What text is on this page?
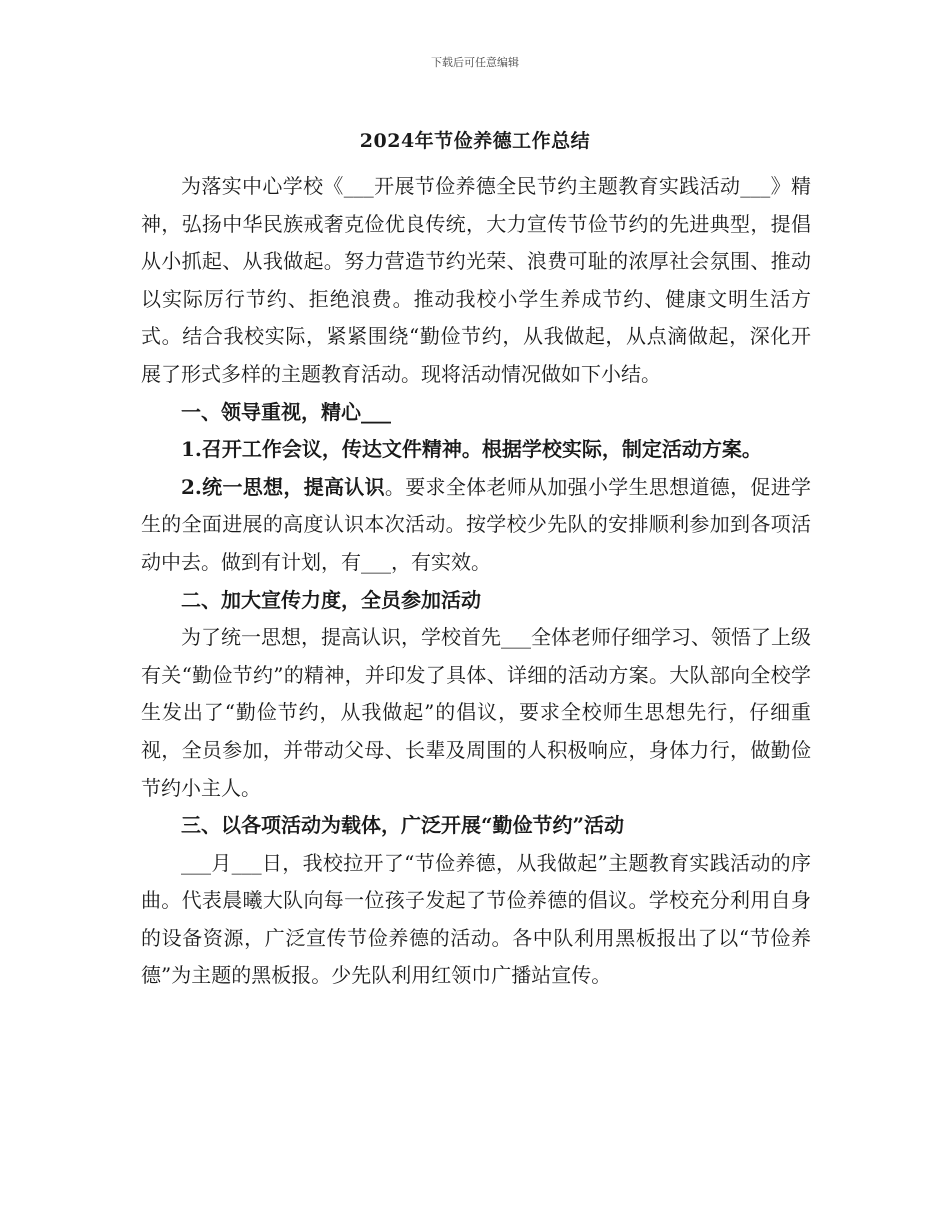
下载后可任意编辑
2024年节俭养德工作总结

为落实中心学校《___开展节俭养德全民节约主题教育实践活动___》精神，弘扬中华民族戒奢克俭优良传统，大力宣传节俭节约的先进典型，提倡从小抓起、从我做起。努力营造节约光荣、浪费可耻的浓厚社会氛围、推动以实际厉行节约、拒绝浪费。推动我校小学生养成节约、健康文明生活方式。结合我校实际，紧紧围绕“勤俭节约，从我做起，从点滴做起，深化开展了形式多样的主题教育活动。现将活动情况做如下小结。

一、领导重视，精心___

1.召开工作会议，传达文件精神。根据学校实际，制定活动方案。

2.统一思想，提高认识。要求全体老师从加强小学生思想道德，促进学生的全面进展的高度认识本次活动。按学校少先队的安排顺利参加到各项活动中去。做到有计划，有___，有实效。

二、加大宣传力度，全员参加活动

为了统一思想，提高认识，学校首先___全体老师仔细学习、领悟了上级有关“勤俭节约”的精神，并印发了具体、详细的活动方案。大队部向全校学生发出了“勤俭节约，从我做起”的倡议，要求全校师生思想先行，仔细重视，全员参加，并带动父母、长辈及周围的人积极响应，身体力行，做勤俭节约小主人。

三、以各项活动为载体，广泛开展“勤俭节约”活动

___月___日，我校拉开了“节俭养德，从我做起”主题教育实践活动的序曲。代表晨曦大队向每一位孩子发起了节俭养德的倡议。学校充分利用自身的设备资源，广泛宣传节俭养德的活动。各中队利用黑板报出了以“节俭养德”为主题的黑板报。少先队利用红领巾广播站宣传。
